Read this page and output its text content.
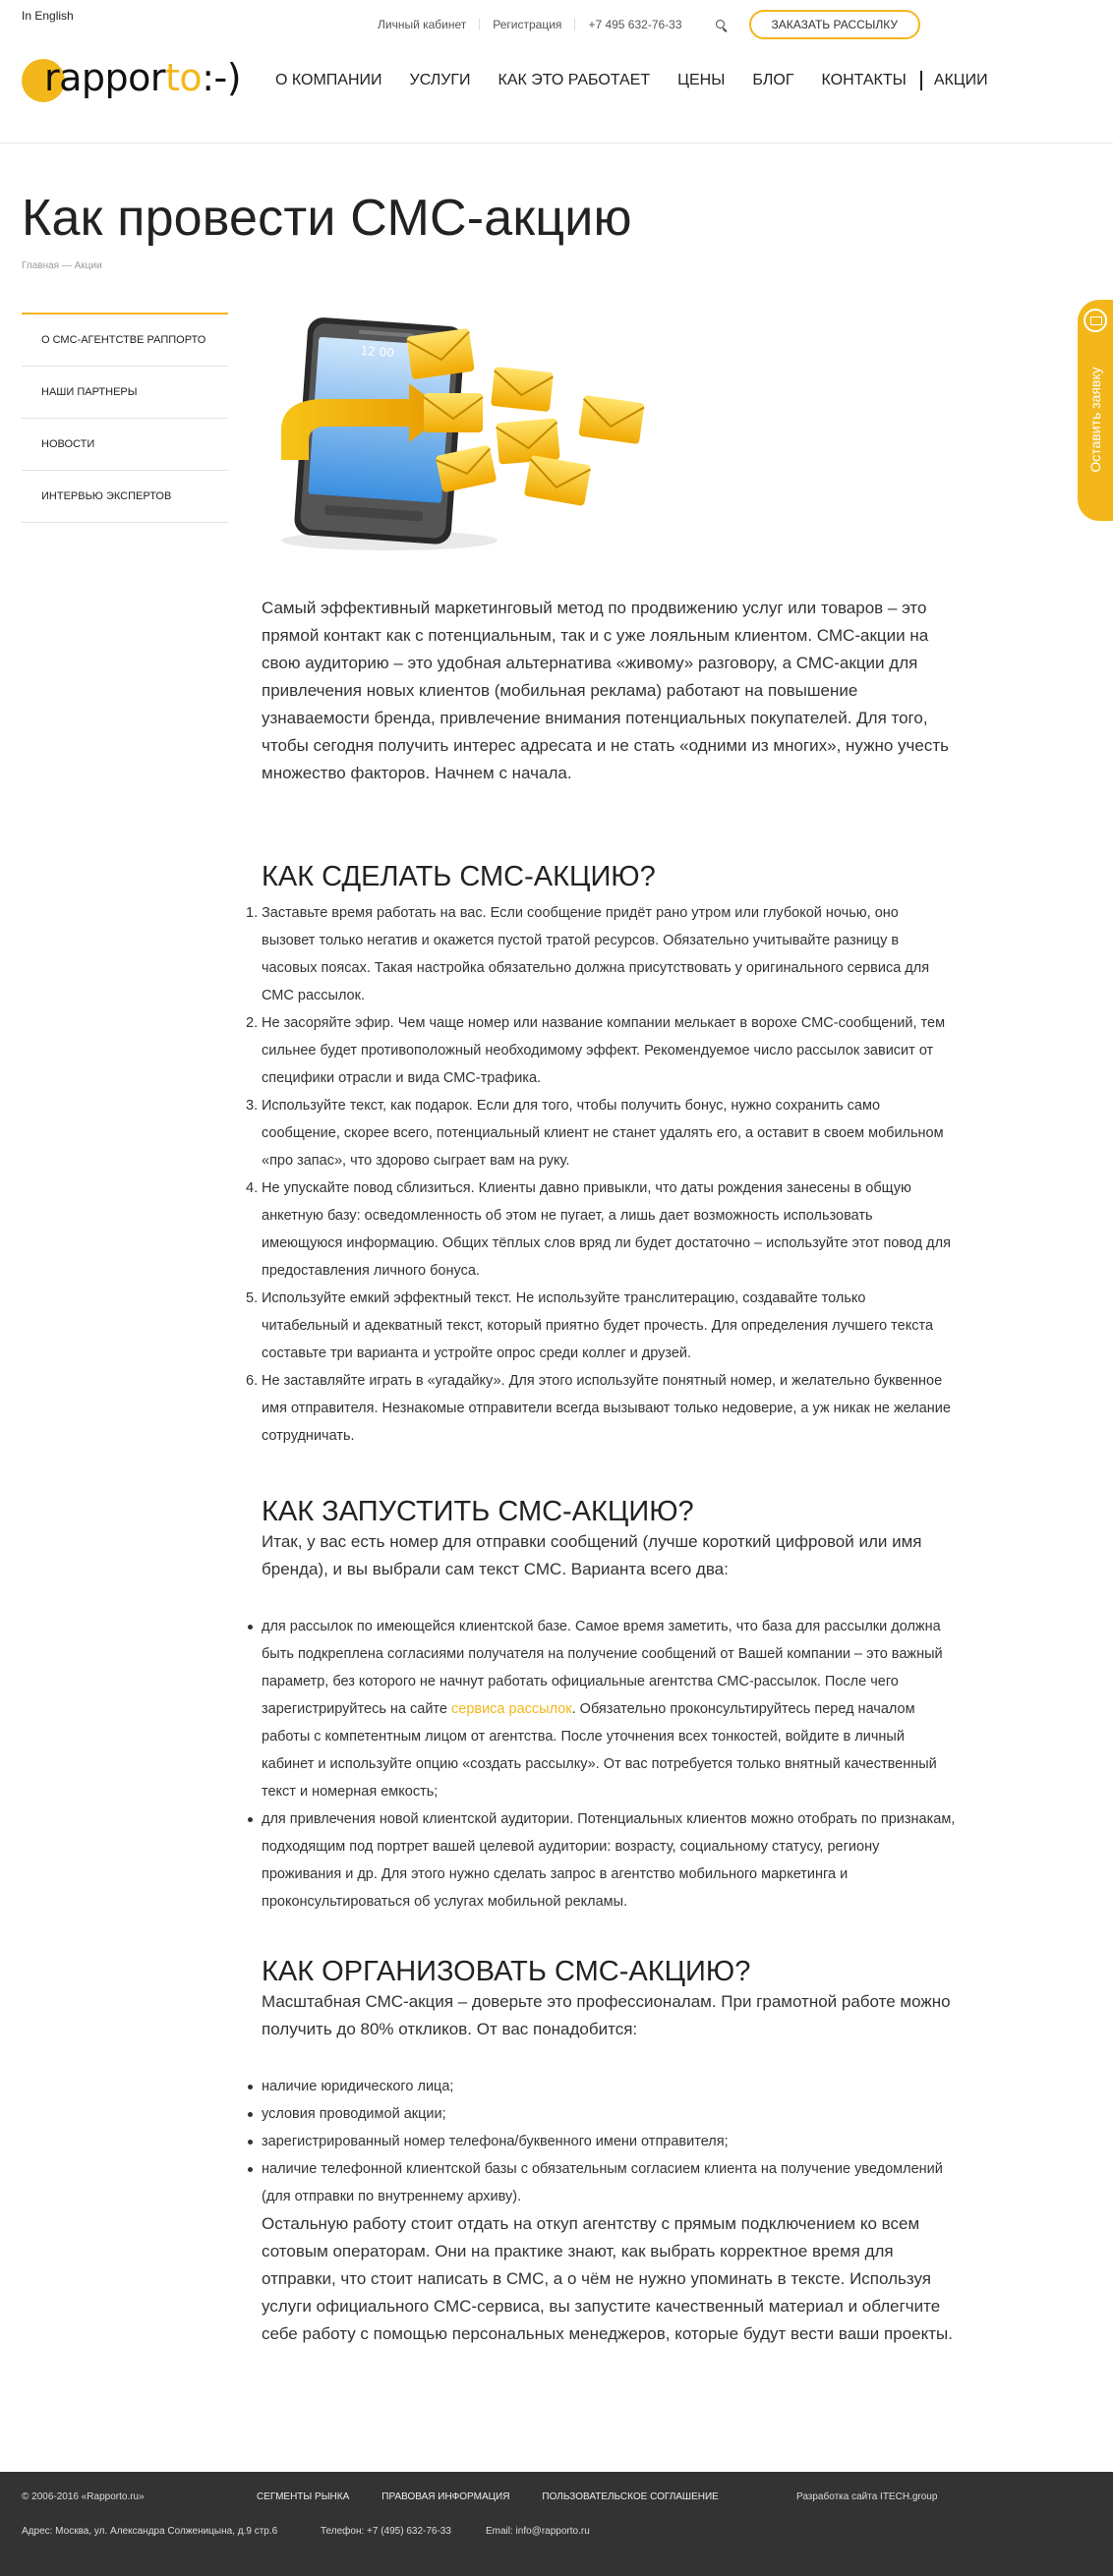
In English
Личный кабинет	Регистрация	+7 495 632-76-33	ЗАКАЗАТЬ РАССЫЛКУ
rapporto:-) О КОМПАНИИ УСЛУГИ КАК ЭТО РАБОТАЕТ ЦЕНЫ БЛОГ КОНТАКТЫ АКЦИИ
Как провести СМС-акцию
Главная — Акции
О СМС-АГЕНТСТВЕ РАППОРТО
НАШИ ПАРТНЕРЫ
НОВОСТИ
ИНТЕРВЬЮ ЭКСПЕРТОВ
Оставить заявку
12 00

Самый эффективный маркетинговый метод по продвижению услуг или товаров – это прямой контакт как с потенциальным, так и с уже лояльным клиентом. СМС-акции на свою аудиторию – это удобная альтернатива «живому» разговору, а СМС-акции для привлечения новых клиентов (мобильная реклама) работают на повышение узнаваемости бренда, привлечение внимания потенциальных покупателей. Для того, чтобы сегодня получить интерес адресата и не стать «одними из многих», нужно учесть множество факторов. Начнем с начала.

КАК СДЕЛАТЬ СМС-АКЦИЮ?
1. Заставьте время работать на вас. Если сообщение придёт рано утром или глубокой ночью, оно вызовет только негатив и окажется пустой тратой ресурсов. Обязательно учитывайте разницу в часовых поясах. Такая настройка обязательно должна присутствовать у оригинального сервиса для СМС рассылок.
2. Не засоряйте эфир. Чем чаще номер или название компании мелькает в ворохе СМС-сообщений, тем сильнее будет противоположный необходимому эффект. Рекомендуемое число рассылок зависит от специфики отрасли и вида СМС-трафика.
3. Используйте текст, как подарок. Если для того, чтобы получить бонус, нужно сохранить само сообщение, скорее всего, потенциальный клиент не станет удалять его, а оставит в своем мобильном «про запас», что здорово сыграет вам на руку.
4. Не упускайте повод сблизиться. Клиенты давно привыкли, что даты рождения занесены в общую анкетную базу: осведомленность об этом не пугает, а лишь дает возможность использовать имеющуюся информацию. Общих тёплых слов вряд ли будет достаточно – используйте этот повод для предоставления личного бонуса.
5. Используйте емкий эффектный текст. Не используйте транслитерацию, создавайте только читабельный и адекватный текст, который приятно будет прочесть. Для определения лучшего текста составьте три варианта и устройте опрос среди коллег и друзей.
6. Не заставляйте играть в «угадайку». Для этого используйте понятный номер, и желательно буквенное имя отправителя. Незнакомые отправители всегда вызывают только недоверие, а уж никак не желание сотрудничать.
КАК ЗАПУСТИТЬ СМС-АКЦИЮ?

Итак, у вас есть номер для отправки сообщений (лучше короткий цифровой или имя бренда), и вы выбрали сам текст СМС. Варианта всего два:

для рассылок по имеющейся клиентской базе. Самое время заметить, что база для рассылки должна быть подкреплена согласиями получателя на получение сообщений от Вашей компании – это важный параметр, без которого не начнут работать официальные агентства СМС-рассылок. После чего зарегистрируйтесь на сайте сервиса рассылок. Обязательно проконсультируйтесь перед началом работы с компетентным лицом от агентства. После уточнения всех тонкостей, войдите в личный кабинет и используйте опцию «создать рассылку». От вас потребуется только внятный качественный текст и номерная емкость;
для привлечения новой клиентской аудитории. Потенциальных клиентов можно отобрать по признакам, подходящим под портрет вашей целевой аудитории: возрасту, социальному статусу, региону проживания и др. Для этого нужно сделать запрос в агентство мобильного маркетинга и проконсультироваться об услугах мобильной рекламы.
КАК ОРГАНИЗОВАТЬ СМС-АКЦИЮ?

Масштабная СМС-акция – доверьте это профессионалам. При грамотной работе можно получить до 80% откликов. От вас понадобится:

наличие юридического лица;
условия проводимой акции;
зарегистрированный номер телефона/буквенного имени отправителя;
наличие телефонной клиентской базы с обязательным согласием клиента на получение уведомлений (для отправки по внутреннему архиву).

Остальную работу стоит отдать на откуп агентству с прямым подключением ко всем сотовым операторам. Они на практике знают, как выбрать корректное время для отправки, что стоит написать в СМС, а о чём не нужно упоминать в тексте. Используя услуги официального СМС-сервиса, вы запустите качественный материал и облегчите себе работу с помощью персональных менеджеров, которые будут вести ваши проекты.

© 2006-2016 «Rapporto.ru»	СЕГМЕНТЫ РЫНКА	ПРАВОВАЯ ИНФОРМАЦИЯ	ПОЛЬЗОВАТЕЛЬСКОЕ СОГЛАШЕНИЕ	Разработка сайта ITECH.group
Адрес: Москва, ул. Александра Солженицына, д.9 стр.6	Телефон: +7 (495) 632-76-33	Email: info@rapporto.ru
